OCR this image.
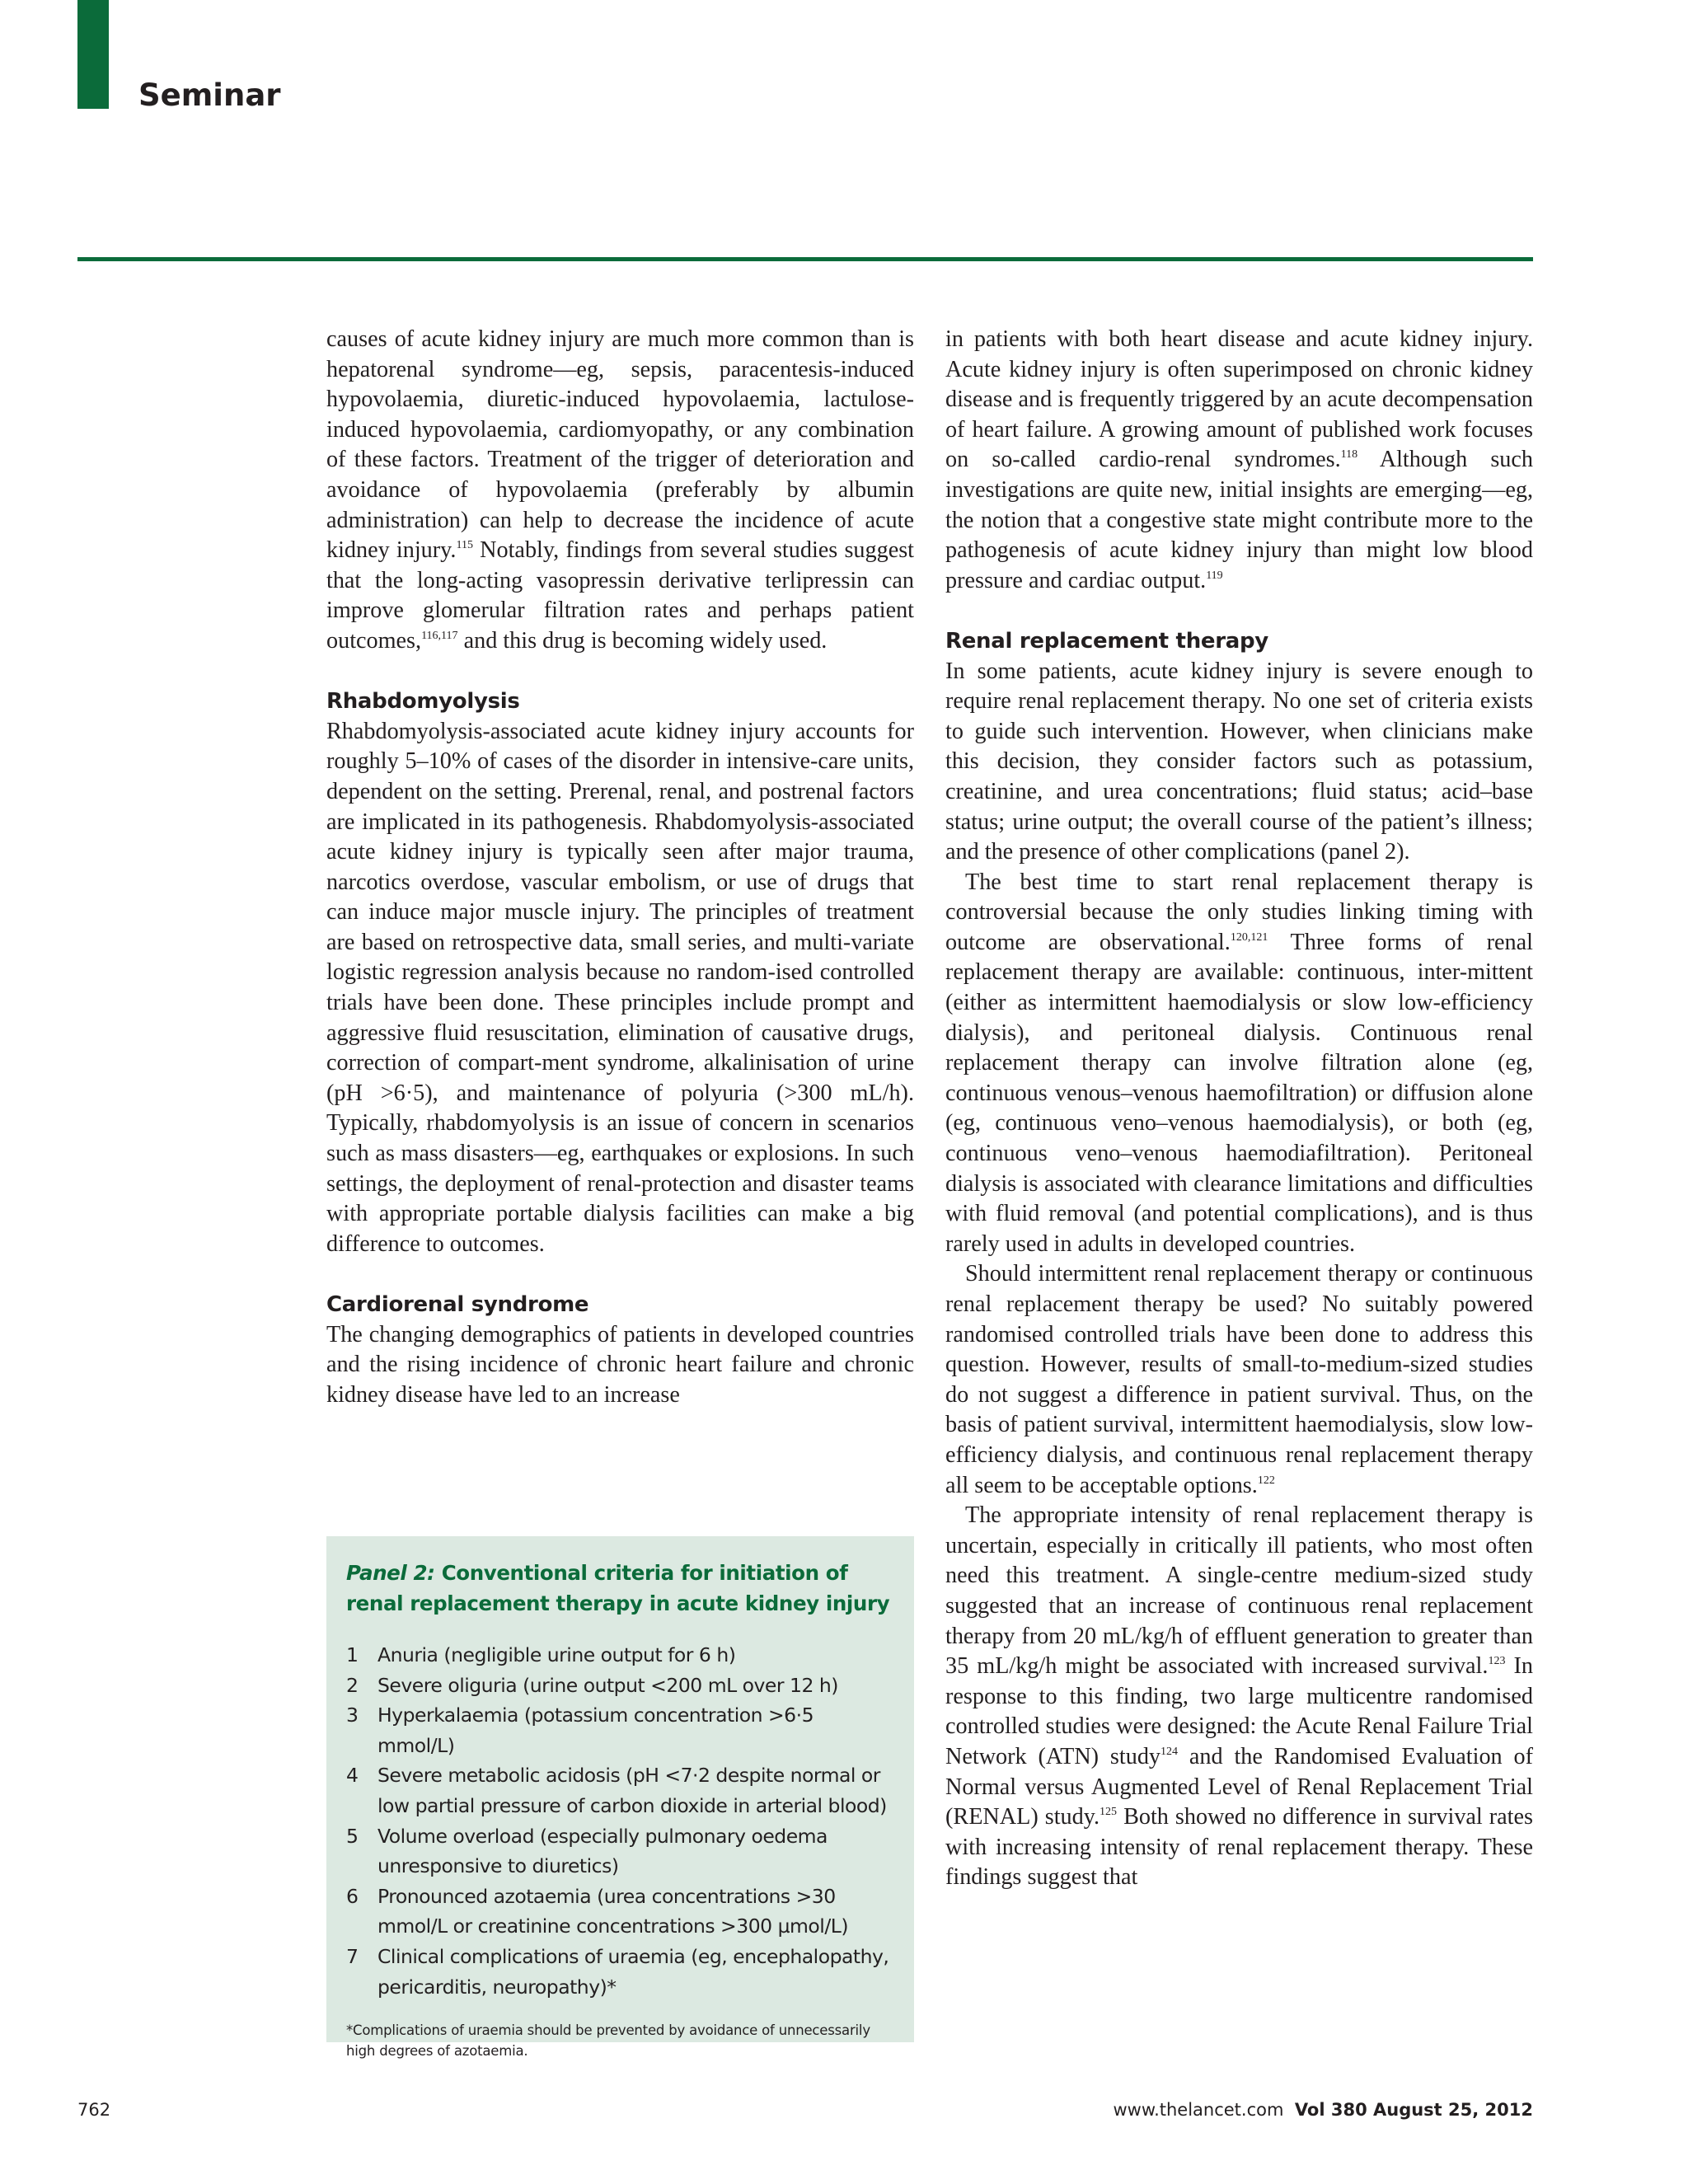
Seminar

causes of acute kidney injury are much more common than is hepatorenal syndrome—eg, sepsis, paracentesis-induced hypovolaemia, diuretic-induced hypovolaemia, lactulose-induced hypovolaemia, cardiomyopathy, or any combination of these factors. Treatment of the trigger of deterioration and avoidance of hypovolaemia (preferably by albumin administration) can help to decrease the incidence of acute kidney injury.$^{115}$ Notably, findings from several studies suggest that the long-acting vasopressin derivative terlipressin can improve glomerular filtration rates and perhaps patient outcomes,$^{116,117}$ and this drug is becoming widely used.

Rhabdomyolysis

Rhabdomyolysis-associated acute kidney injury accounts for roughly 5–10% of cases of the disorder in intensive-care units, dependent on the setting. Prerenal, renal, and postrenal factors are implicated in its pathogenesis. Rhabdomyolysis-associated acute kidney injury is typically seen after major trauma, narcotics overdose, vascular embolism, or use of drugs that can induce major muscle injury. The principles of treatment are based on retrospective data, small series, and multi-variate logistic regression analysis because no random-ised controlled trials have been done. These principles include prompt and aggressive fluid resuscitation, elimination of causative drugs, correction of compart-ment syndrome, alkalinisation of urine (pH >6·5), and maintenance of polyuria (>300 mL/h). Typically, rhabdomyolysis is an issue of concern in scenarios such as mass disasters—eg, earthquakes or explosions. In such settings, the deployment of renal-protection and disaster teams with appropriate portable dialysis facilities can make a big difference to outcomes.

Cardiorenal syndrome

The changing demographics of patients in developed countries and the rising incidence of chronic heart failure and chronic kidney disease have led to an increase

Panel 2: Conventional criteria for initiation of renal replacement therapy in acute kidney injury
1	Anuria (negligible urine output for 6 h)
2	Severe oliguria (urine output <200 mL over 12 h)
3	Hyperkalaemia (potassium concentration >6·5 mmol/L)
4	Severe metabolic acidosis (pH <7·2 despite normal or low partial pressure of carbon dioxide in arterial blood)
5	Volume overload (especially pulmonary oedema unresponsive to diuretics)
6	Pronounced azotaemia (urea concentrations >30 mmol/L or creatinine concentrations >300 µmol/L)
7	Clinical complications of uraemia (eg, encephalopathy, pericarditis, neuropathy)*
*Complications of uraemia should be prevented by avoidance of unnecessarily high degrees of azotaemia.

in patients with both heart disease and acute kidney injury. Acute kidney injury is often superimposed on chronic kidney disease and is frequently triggered by an acute decompensation of heart failure. A growing amount of published work focuses on so-called cardio-renal syndromes.$^{118}$ Although such investigations are quite new, initial insights are emerging—eg, the notion that a congestive state might contribute more to the pathogenesis of acute kidney injury than might low blood pressure and cardiac output.$^{119}$

Renal replacement therapy

In some patients, acute kidney injury is severe enough to require renal replacement therapy. No one set of criteria exists to guide such intervention. However, when clinicians make this decision, they consider factors such as potassium, creatinine, and urea concentrations; fluid status; acid–base status; urine output; the overall course of the patient’s illness; and the presence of other complications (panel 2).

The best time to start renal replacement therapy is controversial because the only studies linking timing with outcome are observational.$^{120,121}$ Three forms of renal replacement therapy are available: continuous, inter-mittent (either as intermittent haemodialysis or slow low-efficiency dialysis), and peritoneal dialysis. Continuous renal replacement therapy can involve filtration alone (eg, continuous venous–venous haemofiltration) or diffusion alone (eg, continuous veno–venous haemodialysis), or both (eg, continuous veno–venous haemodiafiltration). Peritoneal dialysis is associated with clearance limitations and difficulties with fluid removal (and potential complications), and is thus rarely used in adults in developed countries.

Should intermittent renal replacement therapy or continuous renal replacement therapy be used? No suitably powered randomised controlled trials have been done to address this question. However, results of small-to-medium-sized studies do not suggest a difference in patient survival. Thus, on the basis of patient survival, intermittent haemodialysis, slow low-efficiency dialysis, and continuous renal replacement therapy all seem to be acceptable options.$^{122}$

The appropriate intensity of renal replacement therapy is uncertain, especially in critically ill patients, who most often need this treatment. A single-centre medium-sized study suggested that an increase of continuous renal replacement therapy from 20 mL/kg/h of effluent generation to greater than 35 mL/kg/h might be associated with increased survival.$^{123}$ In response to this finding, two large multicentre randomised controlled studies were designed: the Acute Renal Failure Trial Network (ATN) study$^{124}$ and the Randomised Evaluation of Normal versus Augmented Level of Renal Replacement Trial (RENAL) study.$^{125}$ Both showed no difference in survival rates with increasing intensity of renal replacement therapy. These findings suggest that

762	www.thelancet.com Vol 380 August 25, 2012
